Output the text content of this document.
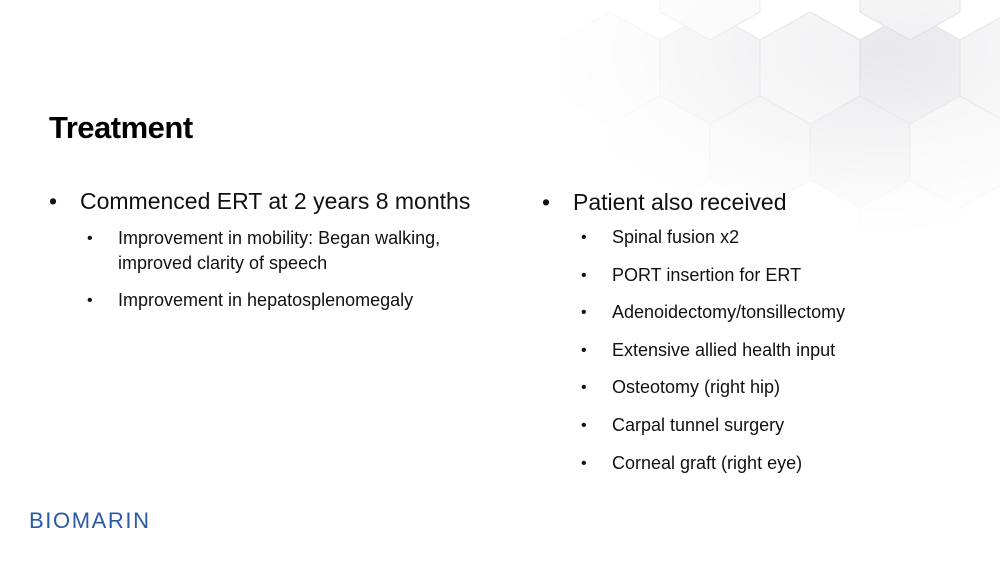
Treatment
• Commenced ERT at 2 years 8 months
• Improvement in mobility: Began walking, improved clarity of speech
• Improvement in hepatosplenomegaly
• Patient also received
• Spinal fusion x2
• PORT insertion for ERT
• Adenoidectomy/tonsillectomy
• Extensive allied health input
• Osteotomy (right hip)
• Carpal tunnel surgery
• Corneal graft (right eye)
BIOMARIN
